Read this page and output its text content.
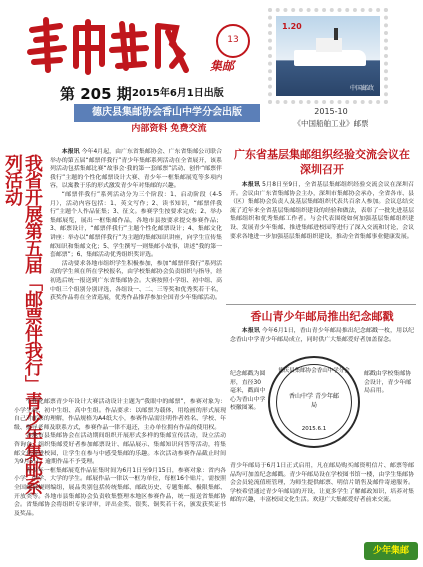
13
集邮
第 205 期 2015年6月1日出版
德庆县集邮协会香山中学分会出版
内部资料 免费交流
1.20
中国邮政
2015-10
《中国船舶工业》邮票
我省开展第五届「邮票伴我行」青少年集邮系列活动

本报讯 今年4月起，由广东省集邮协会、广东省集邮公司联合举办的第五届“邮票伴我行”青少年集邮系列活动在全省展开，该系列活动包括集邮比赛“故事会·我的第一套邮票”活动、创作“邮票伴我行”主题的个性化邮票设计大赛、青少年一框集邮展览等多项内容，以寓教于乐的形式激发青少年对集邮的兴趣。

“邮票伴我行”系列活动分为三个阶段：1、启动阶段（4-5月），活动内容包括：1、英文写作；2、读书知识，“邮票伴我行”主题个人作品征集；3、征文。参赛学生按要求完成；2、举办集邮展览，展出一框集邮作品，各地市县按要求提交参赛作品；3、邮票设计，“邮票伴我行”主题个性化邮票设计；4、集邮文化讲座：举办以“邮票伴我行”为主题的集邮知识讲座，向学生宣传集邮知识和集邮文化；5、学生撰写一则集邮小故事，讲述“我的第一套邮票”；6、集邮活动优秀组织奖评选。

活动要求各地市组织学生积极参加，参加“邮票伴我行”系列活动的学生须在所在学校报名，由学校集邮协会负责组织与指导，经初选后统一报送到广东省集邮协会。大赛按照小学组、初中组、高中组三个组别分别评选，各组设一、二、三等奖和优秀奖若干名，获奖作品将在全省巡展，优秀作品推荐参加全国青少年集邮活动。

个性化邮票青少年设计大赛活动设计主题为“我眼中的邮票”，参赛对象为：小学生组、初中生组、高中生组。作品要求：以邮票为载体，用绘画的形式展现自己对邮票的理解，作品规格为A4纸大小，参赛作品需注明作者姓名、学校、年级、指导老师及联系方式，参赛作品一律不退还，主办单位拥有作品的使用权。

各地市县集邮协会在活动期间组织开展形式多样的集邮宣传活动，设立活动咨询台，组织集邮爱好者参加邮票设计、邮品展示、集邮知识问答等活动，将集邮文化带进校园，让学生在参与中感受集邮的乐趣。本次活动参赛作品截止时间为9月5日，逾期作品不予受理。

青少年一框集邮展览作品征集时间为6月1日至9月15日，参赛对象：省内各小学、中学、大学的学生。邮展作品一律以一框为单位，每框16个贴片，需按照全国邮展规则编组，展品类别包括传统集邮、邮政历史、专题集邮、极限集邮、开放类等。各地市县集邮协会负责收集整理本地区参赛作品，统一报送省集邮协会。省集邮协会将组织专家评审，评出金奖、银奖、铜奖若干名，颁发获奖证书及奖品。

广东省基层集邮组织经验交流会议在深圳召开

本报讯 5月8日至9日，全省基层集邮组织经验交流会议在深圳召开。会议由广东省集邮协会主办，深圳市集邮协会承办，全省各市、县（区）集邮协会负责人及基层集邮组织代表共百余人参加。会议总结交流了近年来全省基层集邮组织建设的经验和做法，表彰了一批先进基层集邮组织和优秀集邮工作者。与会代表围绕如何加强基层集邮组织建设、发展青少年集邮、推进集邮进校园等进行了深入交流和讨论，会议要求各地进一步加强基层集邮组织建设，推动全省集邮事业健康发展。

香山青少年邮局推出纪念邮戳

本报讯 今年6月1日，香山青少年邮局推出纪念邮戳一枚，用以纪念香山中学青少年邮局成立，同时供广大集邮爱好者加盖留念。

纪念邮戳为圆形，直径30毫米，戳面中心为香山中学校徽图案。
德庆县集邮协会香山中学分会
香山中学 青少年邮局
2015.6.1
邮戳由学校集邮协会设计，青少年邮局启用。
青少年邮局于6月1日正式启用，凡在邮局购买邮资明信片、邮票等邮品均可加盖纪念邮戳。青少年邮局设在学校图书馆一楼，由学生集邮协会会员轮流值班管理，为师生提供邮票、明信片销售及邮件寄递服务。学校希望通过青少年邮局的开设，让更多学生了解邮政知识，培养对集邮的兴趣，丰富校园文化生活。欢迎广大集邮爱好者前来交流。
少年集邮
